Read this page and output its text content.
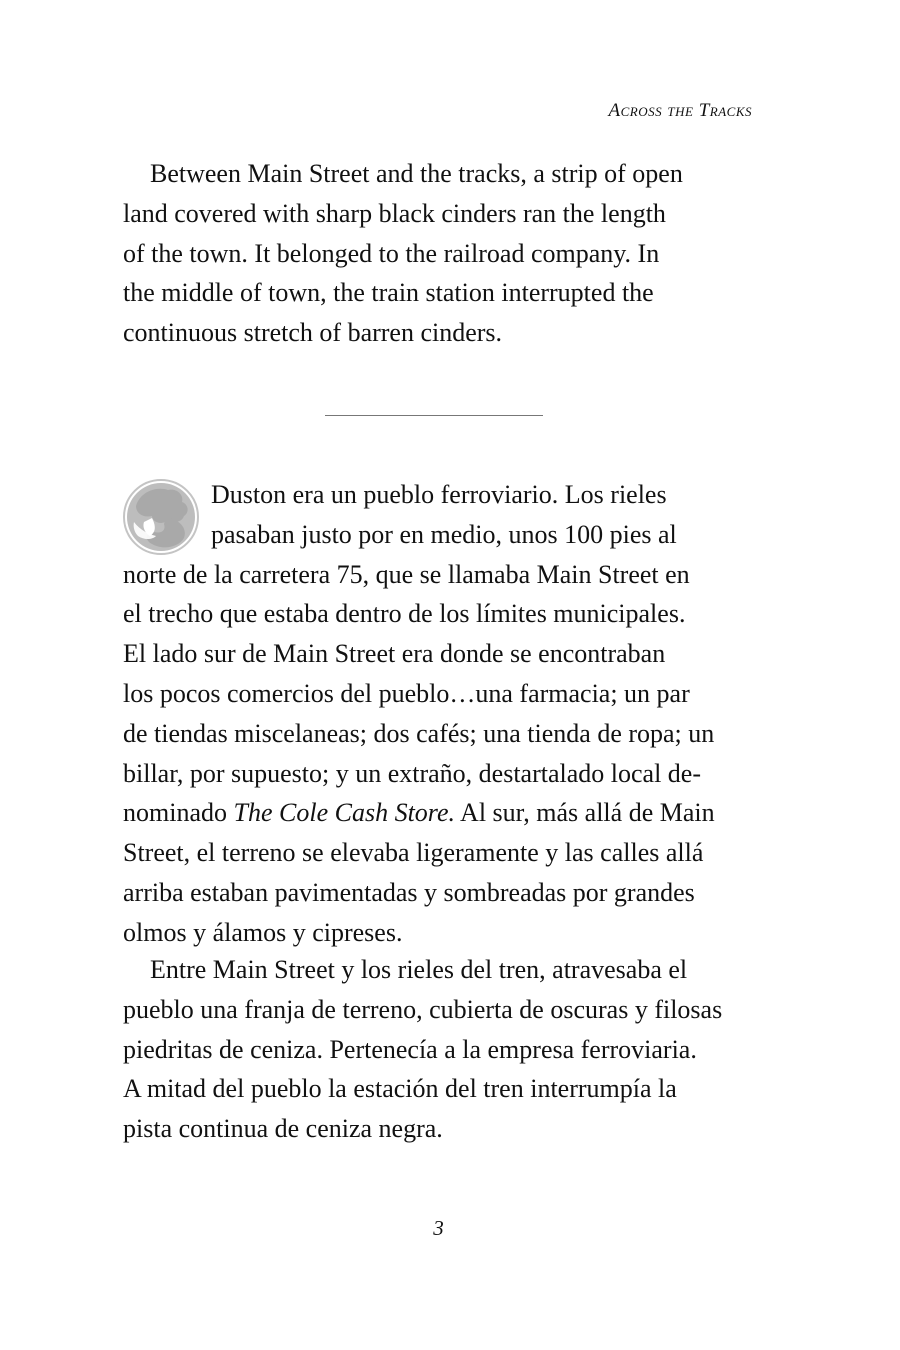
Across the Tracks
Between Main Street and the tracks, a strip of open
land covered with sharp black cinders ran the length
of the town. It belonged to the railroad company. In
the middle of town, the train station interrupted the
continuous stretch of barren cinders.
Duston era un pueblo ferroviario. Los rieles
pasaban justo por en medio, unos 100 pies al
norte de la carretera 75, que se llamaba Main Street en
el trecho que estaba dentro de los límites municipales.
El lado sur de Main Street era donde se encontraban
los pocos comercios del pueblo…una farmacia; un par
de tiendas miscelaneas; dos cafés; una tienda de ropa; un
billar, por supuesto; y un extraño, destartalado local de-
nominado The Cole Cash Store. Al sur, más allá de Main
Street, el terreno se elevaba ligeramente y las calles allá
arriba estaban pavimentadas y sombreadas por grandes
olmos y álamos y cipreses.
Entre Main Street y los rieles del tren, atravesaba el
pueblo una franja de terreno, cubierta de oscuras y filosas
piedritas de ceniza. Pertenecía a la empresa ferroviaria.
A mitad del pueblo la estación del tren interrumpía la
pista continua de ceniza negra.
3
